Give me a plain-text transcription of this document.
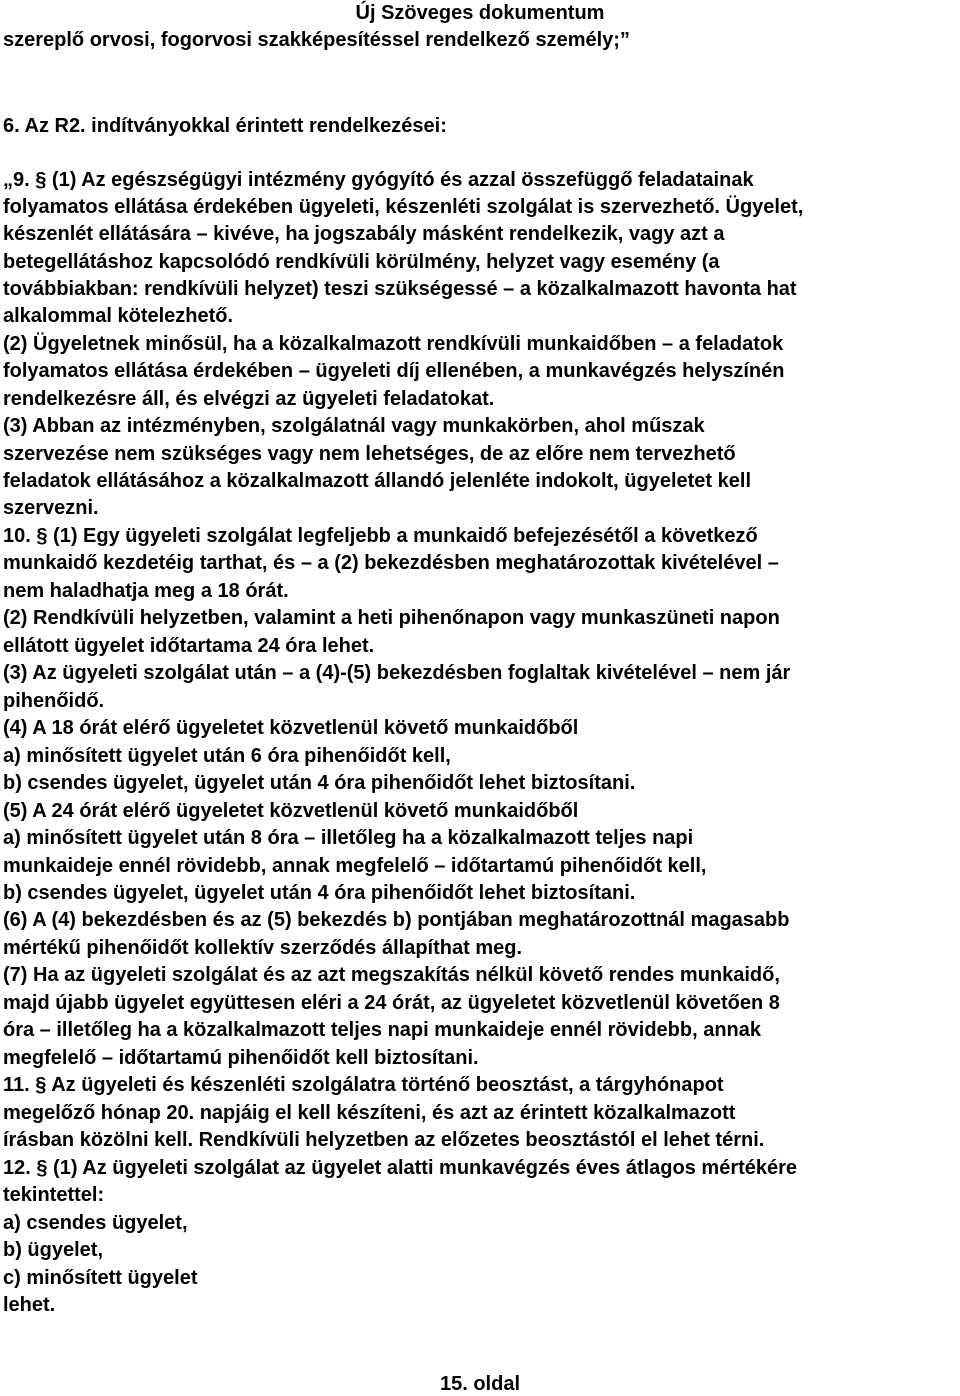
Új Szöveges dokumentum
szereplő orvosi, fogorvosi szakképesítéssel rendelkező személy;”
6. Az R2. indítványokkal érintett rendelkezései:
„9. § (1) Az egészségügyi intézmény gyógyító és azzal összefüggő feladatainak
folyamatos ellátása érdekében ügyeleti, készenléti szolgálat is szervezhető. Ügyelet,
készenlét ellátására – kivéve, ha jogszabály másként rendelkezik, vagy azt a
betegellátáshoz kapcsolódó rendkívüli körülmény, helyzet vagy esemény (a
továbbiakban: rendkívüli helyzet) teszi szükségessé – a közalkalmazott havonta hat
alkalommal kötelezhető.
(2) Ügyeletnek minősül, ha a közalkalmazott rendkívüli munkaidőben – a feladatok
folyamatos ellátása érdekében – ügyeleti díj ellenében, a munkavégzés helyszínén
rendelkezésre áll, és elvégzi az ügyeleti feladatokat.
(3) Abban az intézményben, szolgálatnál vagy munkakörben, ahol műszak
szervezése nem szükséges vagy nem lehetséges, de az előre nem tervezhető
feladatok ellátásához a közalkalmazott állandó jelenléte indokolt, ügyeletet kell
szervezni.
10. § (1) Egy ügyeleti szolgálat legfeljebb a munkaidő befejezésétől a következő
munkaidő kezdetéig tarthat, és – a (2) bekezdésben meghatározottak kivételével –
nem haladhatja meg a 18 órát.
(2) Rendkívüli helyzetben, valamint a heti pihenőnapon vagy munkaszüneti napon
ellátott ügyelet időtartama 24 óra lehet.
(3) Az ügyeleti szolgálat után – a (4)-(5) bekezdésben foglaltak kivételével – nem jár
pihenőidő.
(4) A 18 órát elérő ügyeletet közvetlenül követő munkaidőből
a) minősített ügyelet után 6 óra pihenőidőt kell,
b) csendes ügyelet, ügyelet után 4 óra pihenőidőt lehet biztosítani.
(5) A 24 órát elérő ügyeletet közvetlenül követő munkaidőből
a) minősített ügyelet után 8 óra – illetőleg ha a közalkalmazott teljes napi
munkaideje ennél rövidebb, annak megfelelő – időtartamú pihenőidőt kell,
b) csendes ügyelet, ügyelet után 4 óra pihenőidőt lehet biztosítani.
(6) A (4) bekezdésben és az (5) bekezdés b) pontjában meghatározottnál magasabb
mértékű pihenőidőt kollektív szerződés állapíthat meg.
(7) Ha az ügyeleti szolgálat és az azt megszakítás nélkül követő rendes munkaidő,
majd újabb ügyelet együttesen eléri a 24 órát, az ügyeletet közvetlenül követően 8
óra – illetőleg ha a közalkalmazott teljes napi munkaideje ennél rövidebb, annak
megfelelő – időtartamú pihenőidőt kell biztosítani.
11. § Az ügyeleti és készenléti szolgálatra történő beosztást, a tárgyhónapot
megelőző hónap 20. napjáig el kell készíteni, és azt az érintett közalkalmazott
írásban közölni kell. Rendkívüli helyzetben az előzetes beosztástól el lehet térni.
12. § (1) Az ügyeleti szolgálat az ügyelet alatti munkavégzés éves átlagos mértékére
tekintettel:
a) csendes ügyelet,
b) ügyelet,
c) minősített ügyelet
lehet.
15. oldal
